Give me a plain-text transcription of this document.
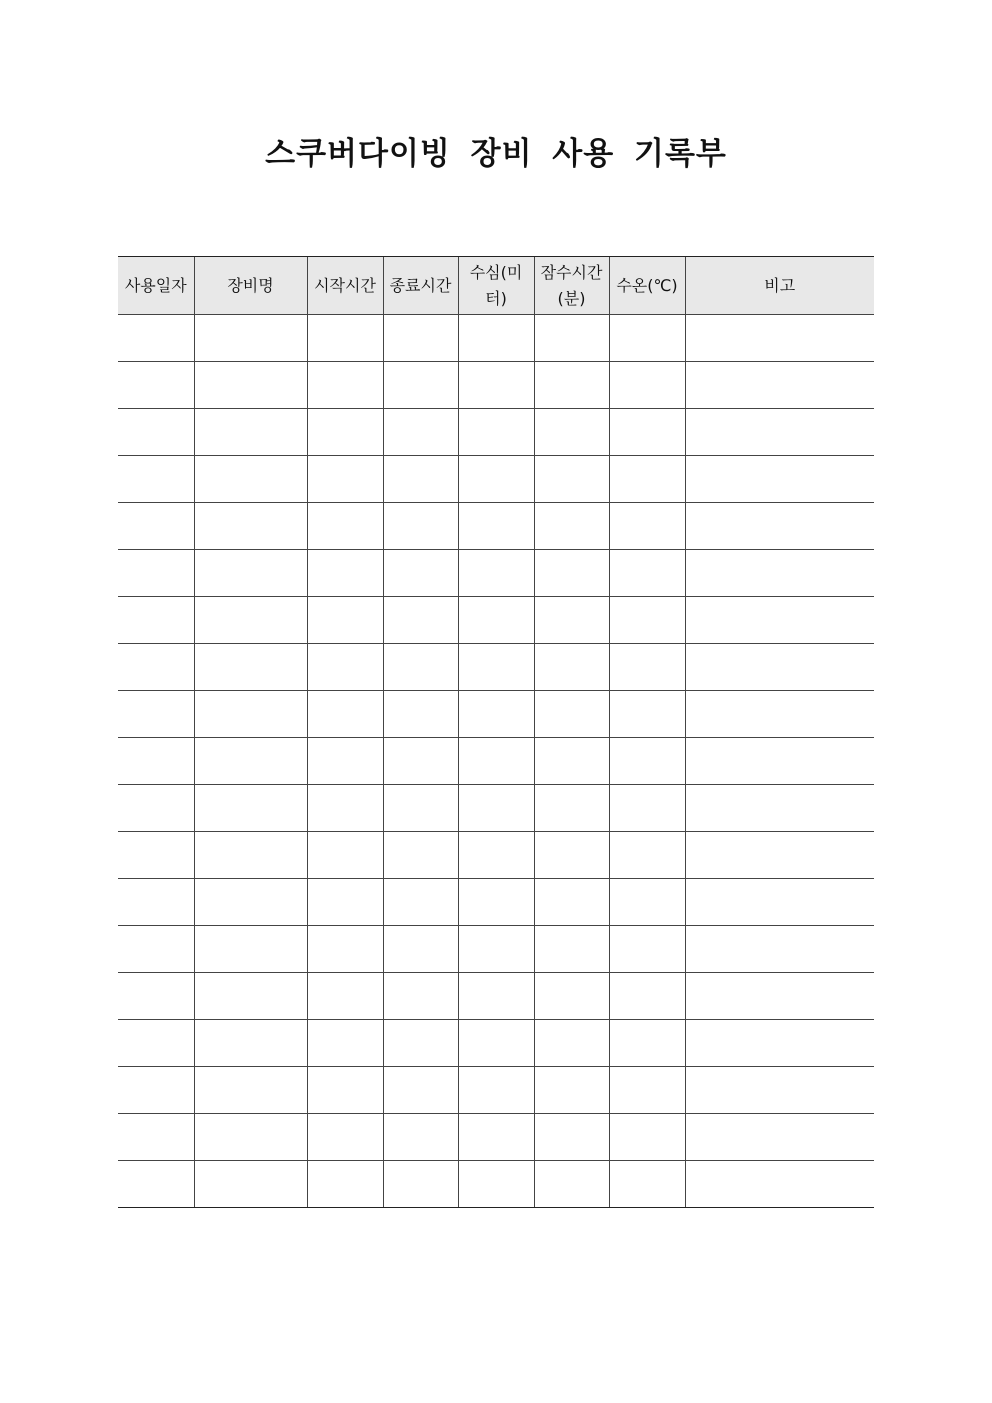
스쿠버다이빙 장비 사용 기록부
사용일자	장비명	시작시간	종료시간	수심(미터)	잠수시간(분)	수온(℃)	비고
